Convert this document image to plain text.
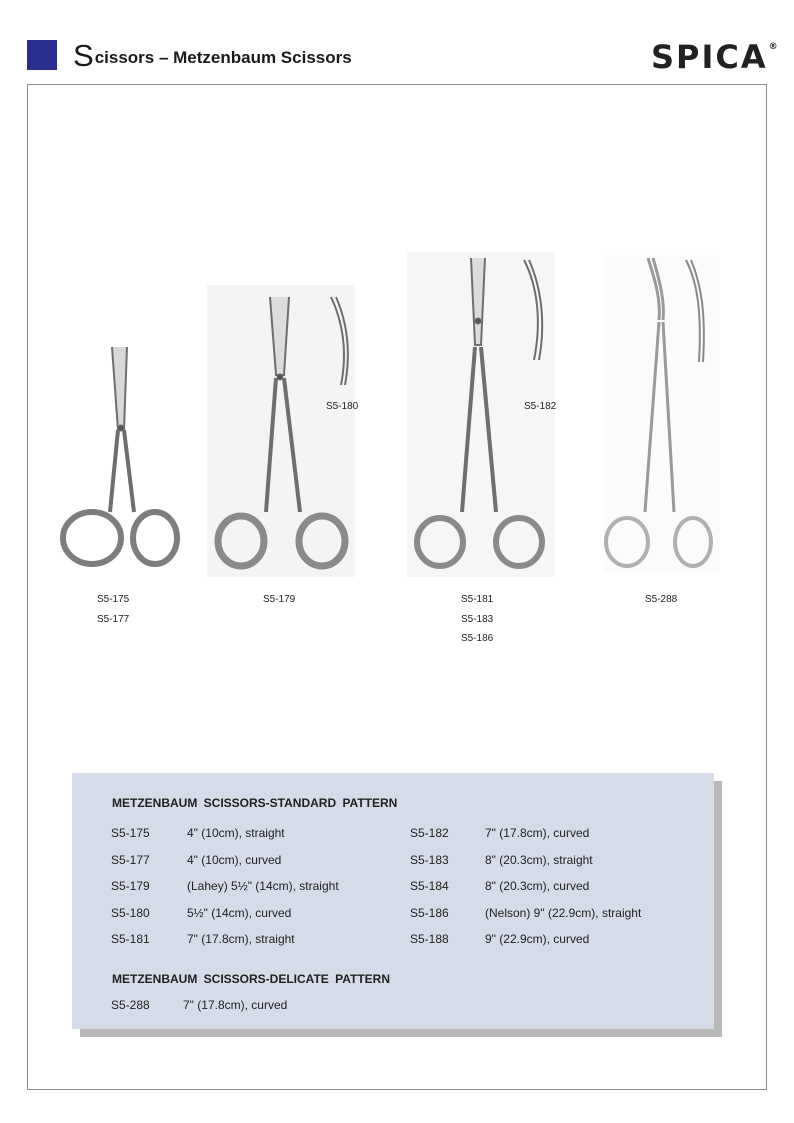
Scissors – Metzenbaum Scissors	SPICA®
S5-175
S5-177
S5-179
S5-180
S5-181
S5-182
S5-183
S5-186
S5-288
METZENBAUM SCISSORS-STANDARD PATTERN
S5-175	4" (10cm), straight
S5-177	4" (10cm), curved
S5-179	(Lahey) 5½" (14cm), straight
S5-180	5½" (14cm), curved
S5-181	7" (17.8cm), straight
S5-182	7" (17.8cm), curved
S5-183	8" (20.3cm), straight
S5-184	8" (20.3cm), curved
S5-186	(Nelson) 9" (22.9cm), straight
S5-188	9" (22.9cm), curved
METZENBAUM SCISSORS-DELICATE PATTERN
S5-288	7" (17.8cm), curved
